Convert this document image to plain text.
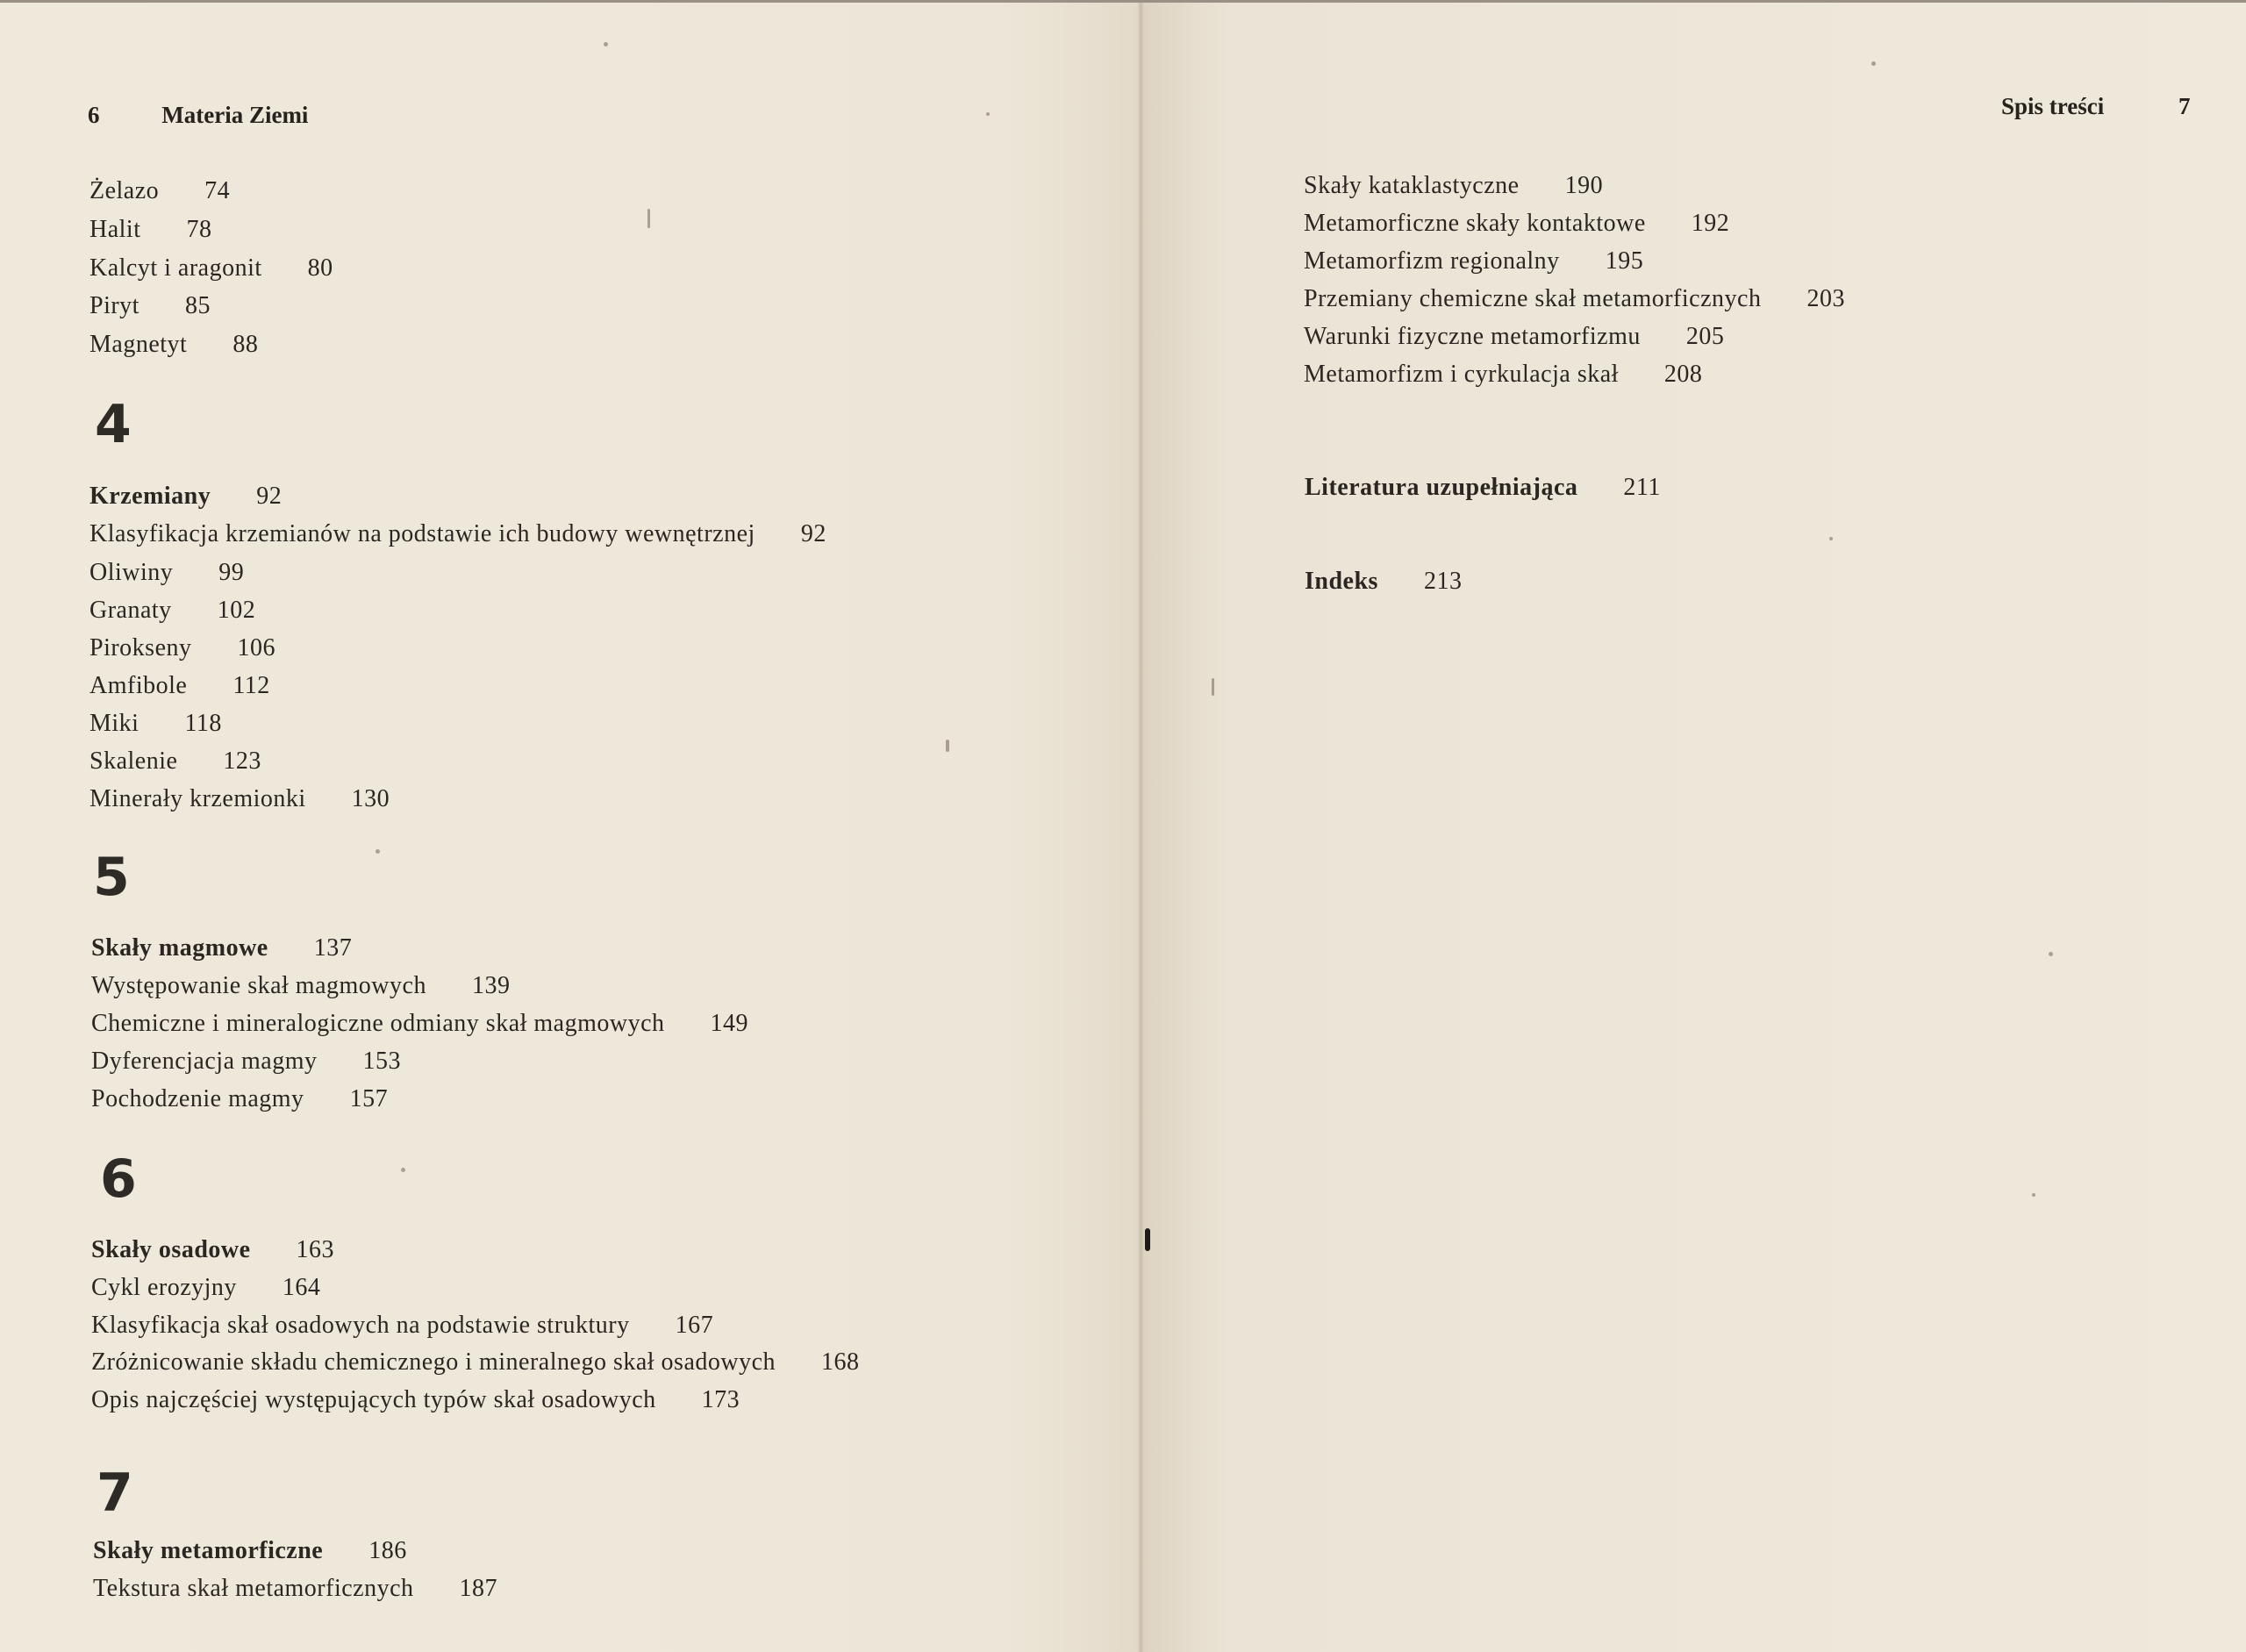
6	Materia Ziemi	Spis treści	7
Żelazo 74
Halit 78
Kalcyt i aragonit 80
Piryt 85
Magnetyt 88
4
Krzemiany 92
Klasyfikacja krzemianów na podstawie ich budowy wewnętrznej 92
Oliwiny 99
Granaty 102
Pirokseny 106
Amfibole 112
Miki 118
Skalenie 123
Minerały krzemionki 130
5
Skały magmowe 137
Występowanie skał magmowych 139
Chemiczne i mineralogiczne odmiany skał magmowych 149
Dyferencjacja magmy 153
Pochodzenie magmy 157
6
Skały osadowe 163
Cykl erozyjny 164
Klasyfikacja skał osadowych na podstawie struktury 167
Zróżnicowanie składu chemicznego i mineralnego skał osadowych 168
Opis najczęściej występujących typów skał osadowych 173
7
Skały metamorficzne 186
Tekstura skał metamorficznych 187
Skały kataklastyczne 190
Metamorficzne skały kontaktowe 192
Metamorfizm regionalny 195
Przemiany chemiczne skał metamorficznych 203
Warunki fizyczne metamorfizmu 205
Metamorfizm i cyrkulacja skał 208
Literatura uzupełniająca 211
Indeks 213
